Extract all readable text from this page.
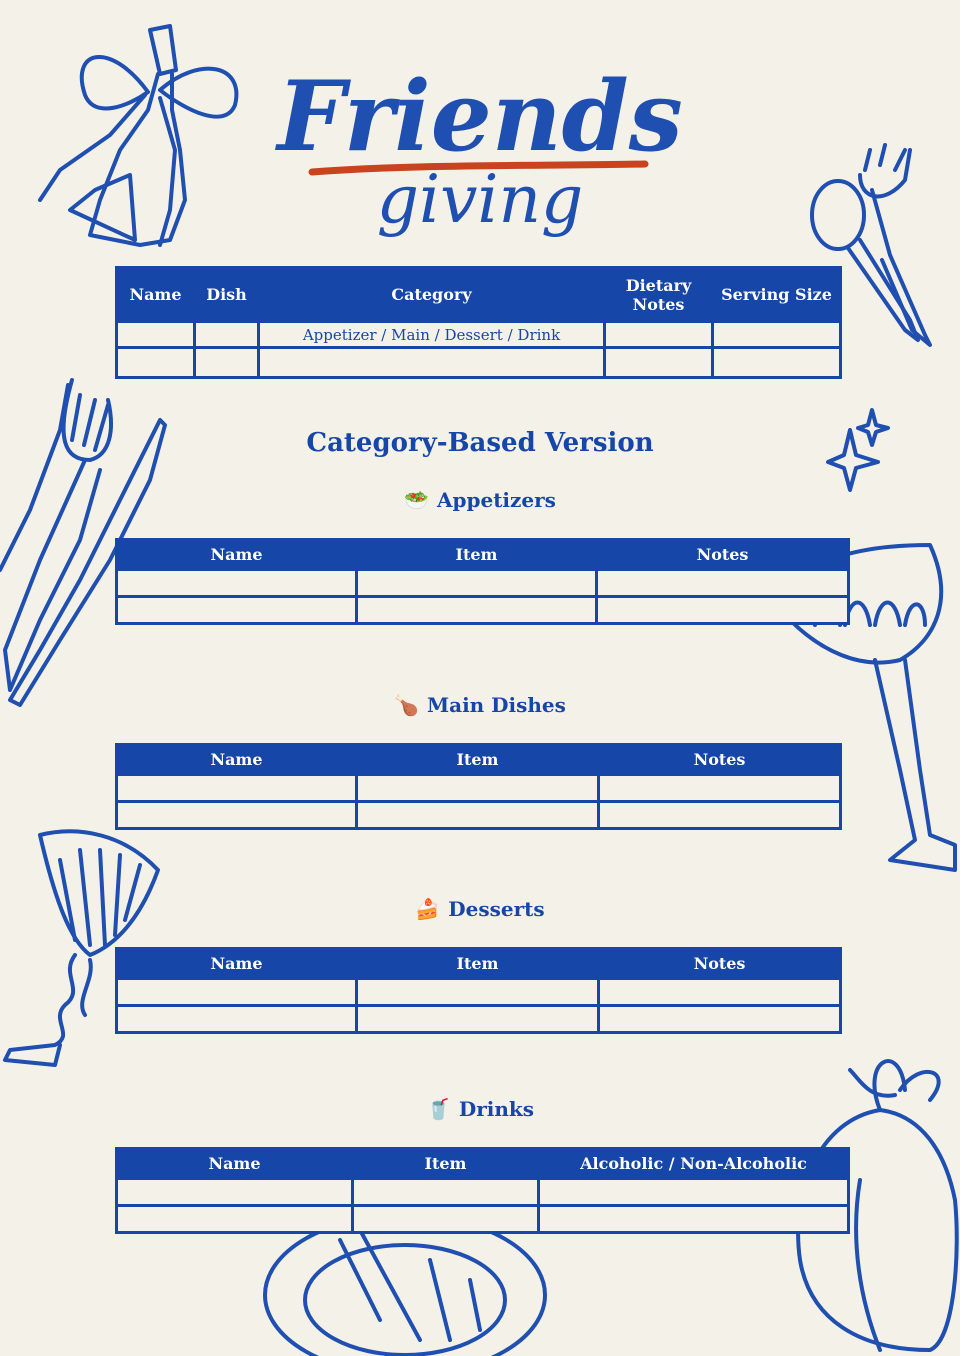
Friends
giving
Name	Dish	Category	Dietary Notes	Serving Size
		Appetizer / Main / Dessert / Drink		

Category-Based Version
🥗 Appetizers
Name	Item	Notes

🍗 Main Dishes
Name	Item	Notes

🍰 Desserts
Name	Item	Notes

🥤 Drinks
Name	Item	Alcoholic / Non-Alcoholic
